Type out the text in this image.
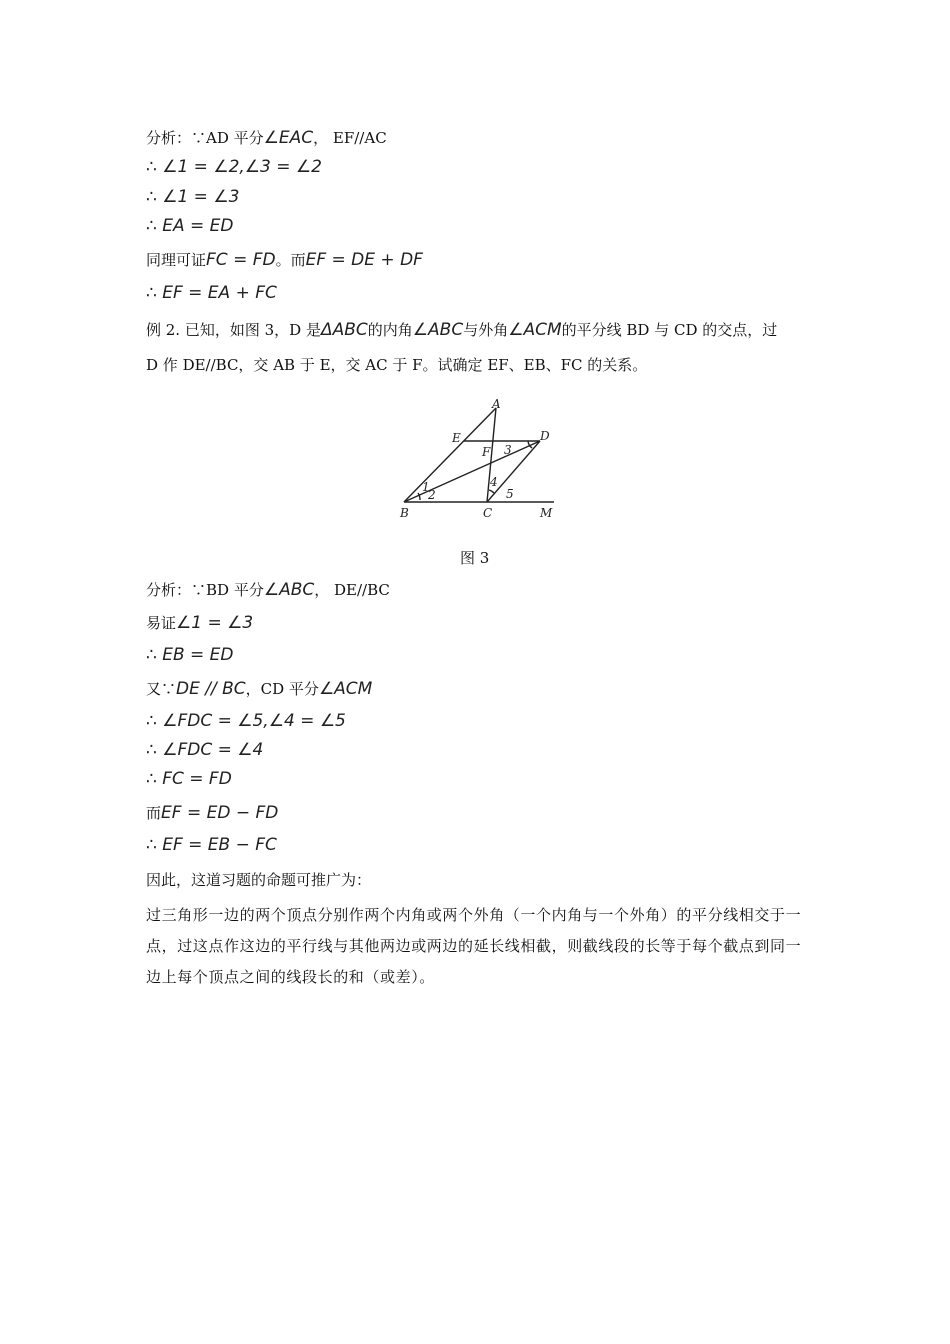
分析：∵AD 平分∠EAC， EF//AC
∴ ∠1 = ∠2,∠3 = ∠2
∴ ∠1 = ∠3
∴ EA = ED
同理可证FC = FD。而EF = DE + DF
∴ EF = EA + FC
例 2. 已知，如图 3，D 是ΔABC的内角∠ABC与外角∠ACM的平分线 BD 与 CD 的交点，过
D 作 DE//BC，交 AB 于 E，交 AC 于 F。试确定 EF、EB、FC 的关系。
A
E	D
F 3
4
5
1
2
B	C	M
图 3
分析：∵BD 平分∠ABC， DE//BC
易证∠1 = ∠3
∴ EB = ED
又∵DE // BC，CD 平分∠ACM
∴ ∠FDC = ∠5,∠4 = ∠5
∴ ∠FDC = ∠4
∴ FC = FD
而EF = ED − FD
∴ EF = EB − FC
因此，这道习题的命题可推广为：
过三角形一边的两个顶点分别作两个内角或两个外角（一个内角与一个外角）的平分线相交于一点，过这点作这边的平行线与其他两边或两边的延长线相截，则截线段的长等于每个截点到同一边上每个顶点之间的线段长的和（或差）。
